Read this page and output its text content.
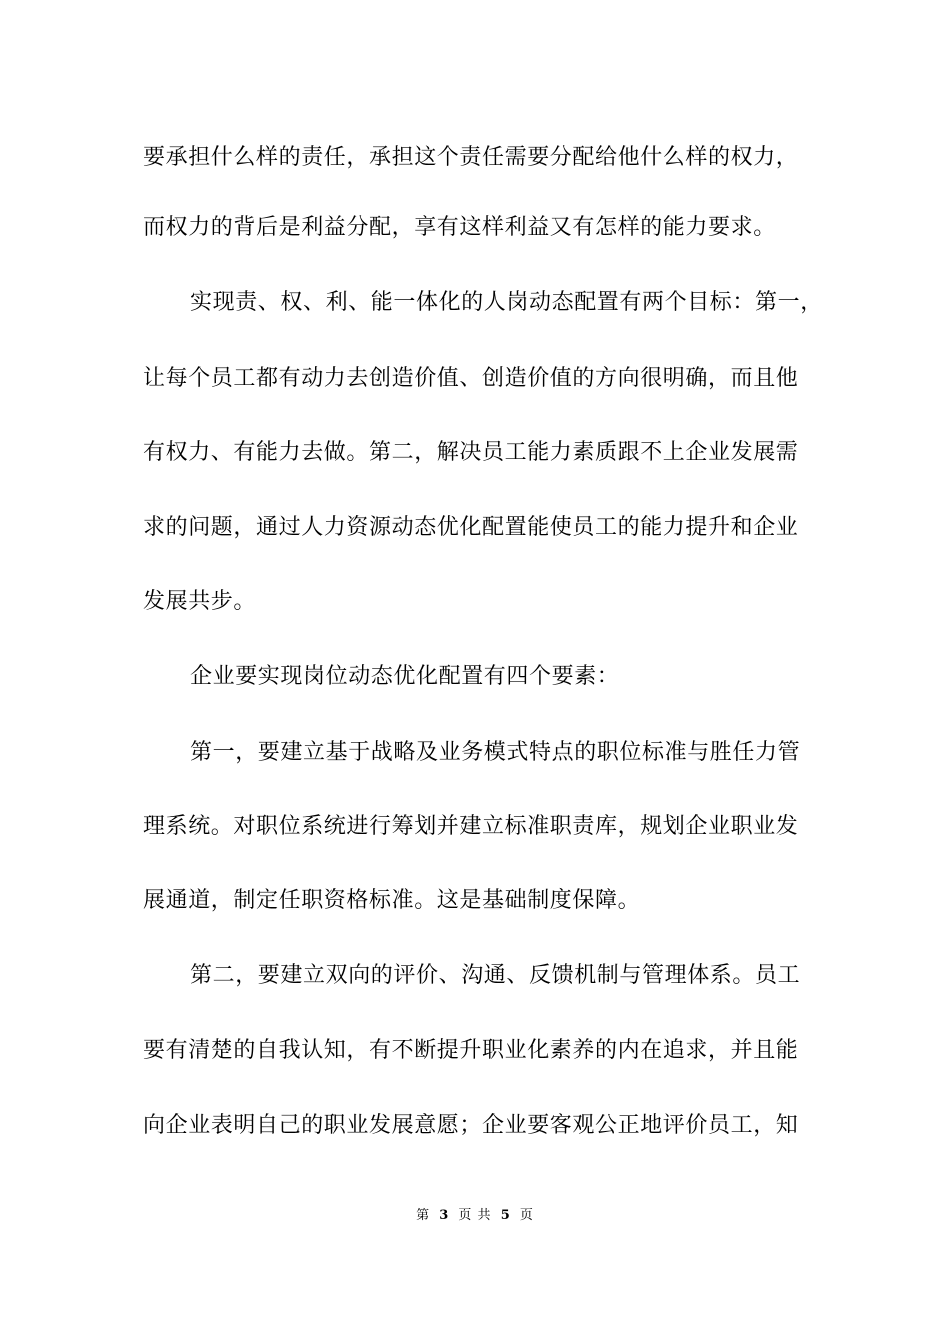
要承担什么样的责任，承担这个责任需要分配给他什么样的权力，
而权力的背后是利益分配，享有这样利益又有怎样的能力要求。
实现责、权、利、能一体化的人岗动态配置有两个目标：第一，
让每个员工都有动力去创造价值、创造价值的方向很明确，而且他
有权力、有能力去做。第二，解决员工能力素质跟不上企业发展需
求的问题，通过人力资源动态优化配置能使员工的能力提升和企业
发展共步。
企业要实现岗位动态优化配置有四个要素：
第一，要建立基于战略及业务模式特点的职位标准与胜任力管
理系统。对职位系统进行筹划并建立标准职责库，规划企业职业发
展通道，制定任职资格标准。这是基础制度保障。
第二，要建立双向的评价、沟通、反馈机制与管理体系。员工
要有清楚的自我认知，有不断提升职业化素养的内在追求，并且能
向企业表明自己的职业发展意愿；企业要客观公正地评价员工，知
第 3 页 共 5 页
